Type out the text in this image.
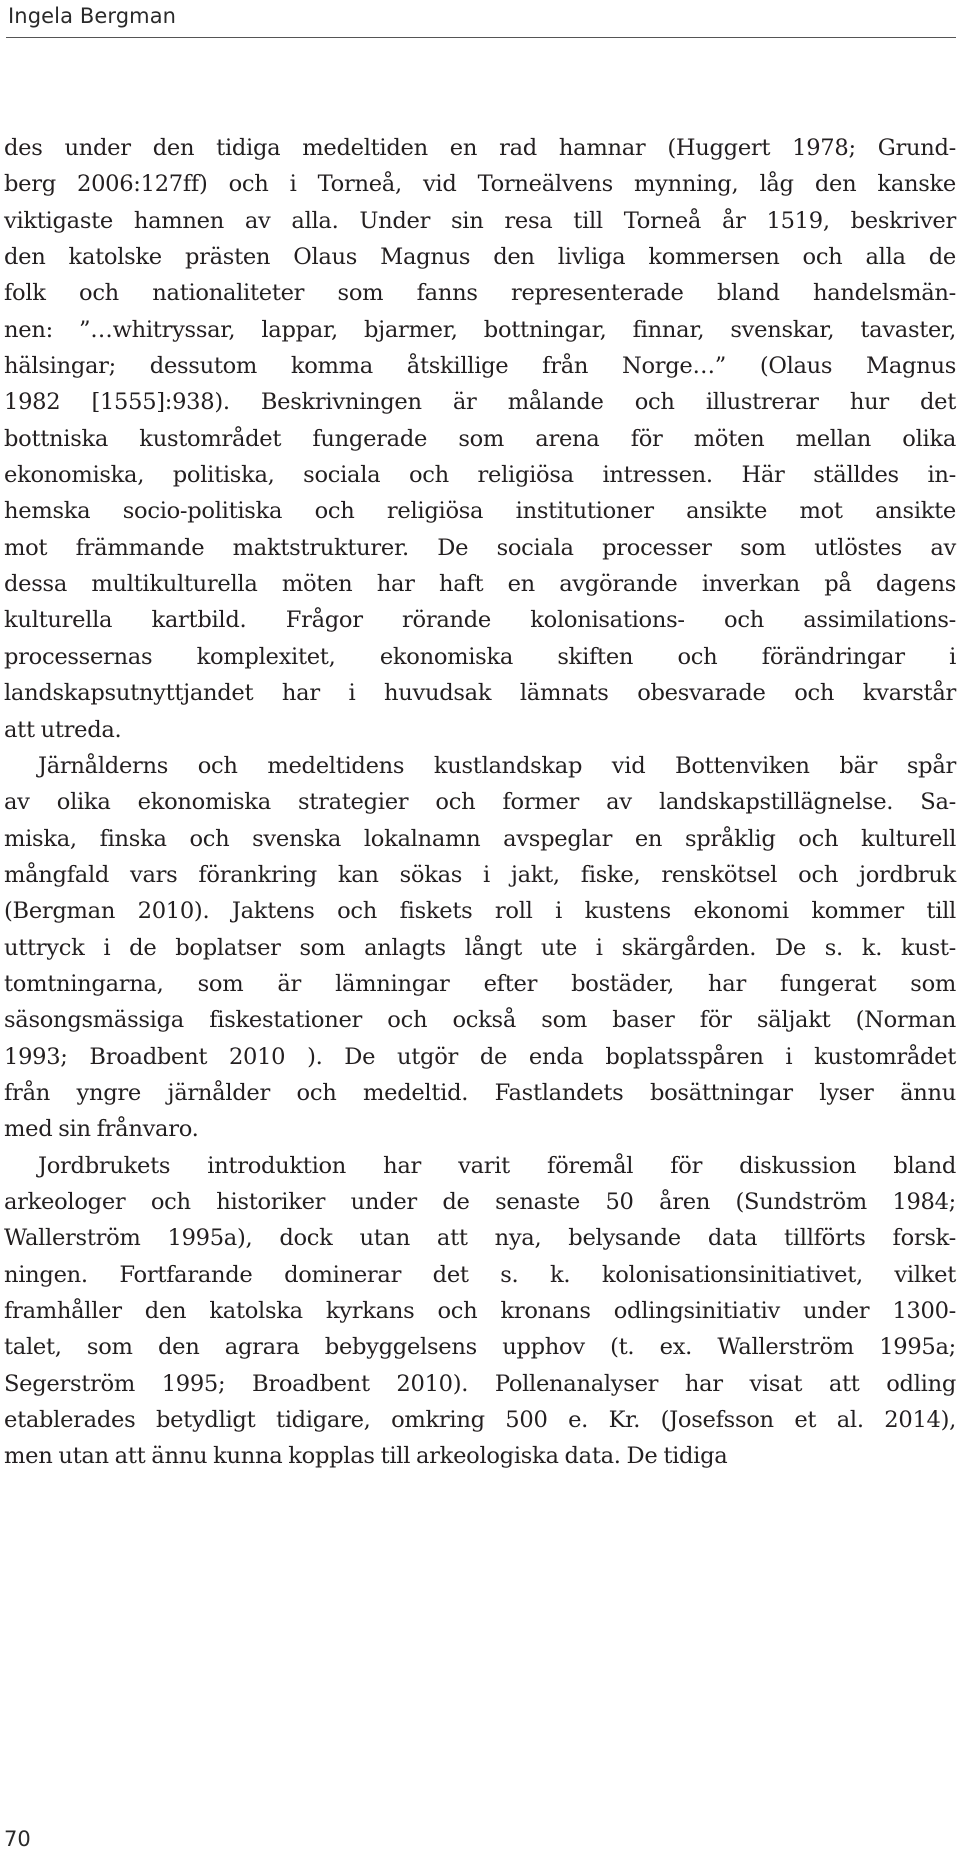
Ingela Bergman
des under den tidiga medeltiden en rad hamnar (Huggert 1978; Grund-
berg 2006:127ff) och i Torneå, vid Torneälvens mynning, låg den kanske
viktigaste hamnen av alla. Under sin resa till Torneå år 1519, beskriver
den katolske prästen Olaus Magnus den livliga kommersen och alla de
folk och nationaliteter som fanns representerade bland handelsmän-
nen: ”…whitryssar, lappar, bjarmer, bottningar, finnar, svenskar, tavaster,
hälsingar; dessutom komma åtskillige från Norge…” (Olaus Magnus
1982 [1555]:938). Beskrivningen är målande och illustrerar hur det
bottniska kustområdet fungerade som arena för möten mellan olika
ekonomiska, politiska, sociala och religiösa intressen. Här ställdes in-
hemska socio-politiska och religiösa institutioner ansikte mot ansikte
mot främmande maktstrukturer. De sociala processer som utlöstes av
dessa multikulturella möten har haft en avgörande inverkan på dagens
kulturella kartbild. Frågor rörande kolonisations- och assimilations-
processernas komplexitet, ekonomiska skiften och förändringar i
landskapsutnyttjandet har i huvudsak lämnats obesvarade och kvarstår
att utreda.
Järnålderns och medeltidens kustlandskap vid Bottenviken bär spår
av olika ekonomiska strategier och former av landskapstillägnelse. Sa-
miska, finska och svenska lokalnamn avspeglar en språklig och kulturell
mångfald vars förankring kan sökas i jakt, fiske, renskötsel och jordbruk
(Bergman 2010). Jaktens och fiskets roll i kustens ekonomi kommer till
uttryck i de boplatser som anlagts långt ute i skärgården. De s. k. kust-
tomtningarna, som är lämningar efter bostäder, har fungerat som
säsongsmässiga fiskestationer och också som baser för säljakt (Norman
1993; Broadbent 2010 ). De utgör de enda boplatsspåren i kustområdet
från yngre järnålder och medeltid. Fastlandets bosättningar lyser ännu
med sin frånvaro.
Jordbrukets introduktion har varit föremål för diskussion bland
arkeologer och historiker under de senaste 50 åren (Sundström 1984;
Wallerström 1995a), dock utan att nya, belysande data tillförts forsk-
ningen. Fortfarande dominerar det s. k. kolonisationsinitiativet, vilket
framhåller den katolska kyrkans och kronans odlingsinitiativ under 1300-
talet, som den agrara bebyggelsens upphov (t. ex. Wallerström 1995a;
Segerström 1995; Broadbent 2010). Pollenanalyser har visat att odling
etablerades betydligt tidigare, omkring 500 e. Kr. (Josefsson et al. 2014),
men utan att ännu kunna kopplas till arkeologiska data. De tidiga
70
